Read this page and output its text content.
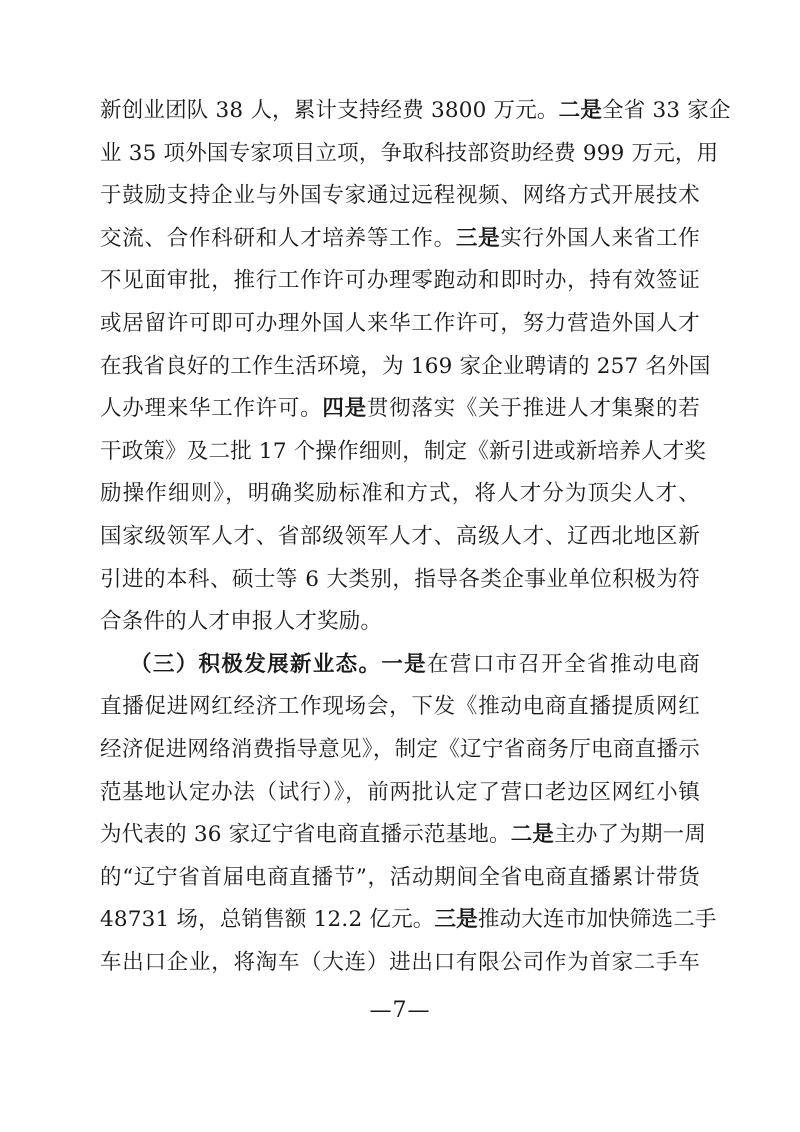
新创业团队 38 人，累计支持经费 3800 万元。二是全省 33 家企
业 35 项外国专家项目立项，争取科技部资助经费 999 万元，用
于鼓励支持企业与外国专家通过远程视频、网络方式开展技术
交流、合作科研和人才培养等工作。三是实行外国人来省工作
不见面审批，推行工作许可办理零跑动和即时办，持有效签证
或居留许可即可办理外国人来华工作许可，努力营造外国人才
在我省良好的工作生活环境，为 169 家企业聘请的 257 名外国
人办理来华工作许可。四是贯彻落实《关于推进人才集聚的若
干政策》及二批 17 个操作细则，制定《新引进或新培养人才奖
励操作细则》，明确奖励标准和方式，将人才分为顶尖人才、
国家级领军人才、省部级领军人才、高级人才、辽西北地区新
引进的本科、硕士等 6 大类别，指导各类企事业单位积极为符
合条件的人才申报人才奖励。
（三）积极发展新业态。一是在营口市召开全省推动电商
直播促进网红经济工作现场会，下发《推动电商直播提质网红
经济促进网络消费指导意见》，制定《辽宁省商务厅电商直播示
范基地认定办法（试行）》，前两批认定了营口老边区网红小镇
为代表的 36 家辽宁省电商直播示范基地。二是主办了为期一周
的“辽宁省首届电商直播节”，活动期间全省电商直播累计带货
48731 场，总销售额 12.2 亿元。三是推动大连市加快筛选二手
车出口企业，将淘车（大连）进出口有限公司作为首家二手车
—7—
